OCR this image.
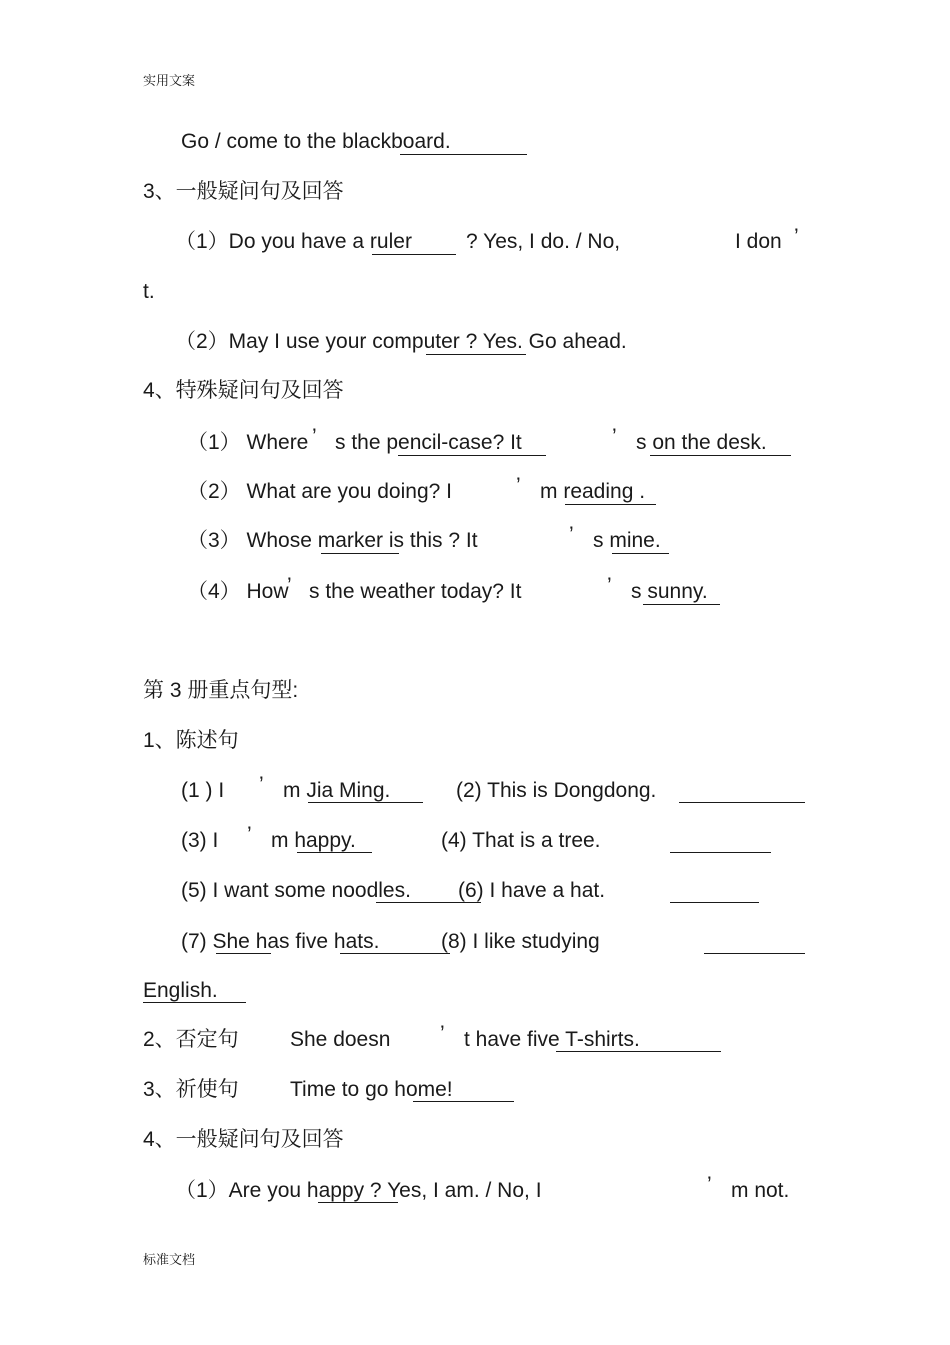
实用文案
Go / come to the blackboard.
3、一般疑问句及回答
（1）Do you have a ruler	? Yes, I do. / No,	I don ’
t.
（2）May I use your computer ? Yes. Go ahead.
4、特殊疑问句及回答
（1） Where ’ s the pencil-case? It	’ s on the desk.
（2） What are you doing? I	’ m reading .
（3） Whose marker is this ? It	’ s mine.
（4） How
’ s the weather today? It	’ s sunny.
第 3 册重点句型:
1、陈述句
(1 ) I ’ m Jia Ming.	(2) This is Dongdong.
(3) I ’ m happy.	(4) That is a tree.
(5) I want some noodles. (6) I have a hat.
(7) She has five hats.	(8) I like studying
English.
2、否定句 She doesn ’ t have five T-shirts.
3、祈使句 Time to go home!
4、一般疑问句及回答
（1）Are you happy ? Yes, I am. / No, I	’ m not.
标准文档
